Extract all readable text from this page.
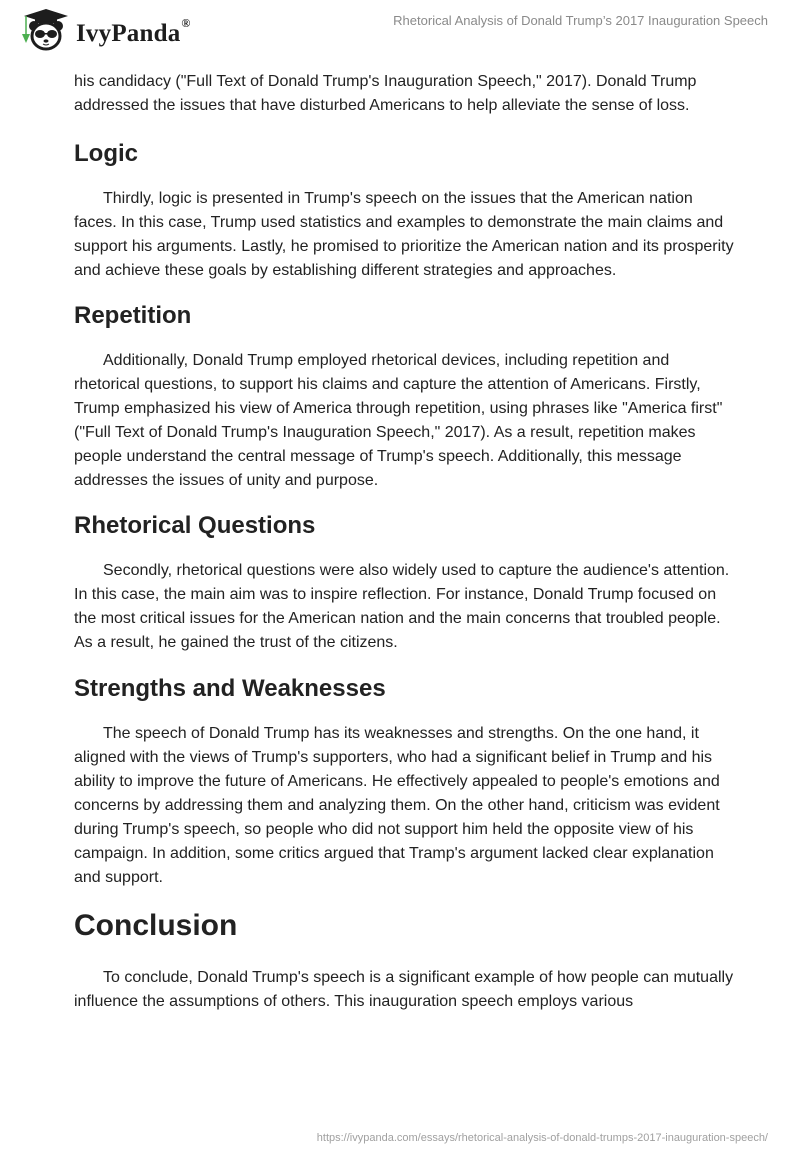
IvyPanda®	Rhetorical Analysis of Donald Trump’s 2017 Inauguration Speech

his candidacy ("Full Text of Donald Trump's Inauguration Speech," 2017). Donald Trump addressed the issues that have disturbed Americans to help alleviate the sense of loss.

Logic

Thirdly, logic is presented in Trump's speech on the issues that the American nation faces. In this case, Trump used statistics and examples to demonstrate the main claims and support his arguments. Lastly, he promised to prioritize the American nation and its prosperity and achieve these goals by establishing different strategies and approaches.

Repetition

Additionally, Donald Trump employed rhetorical devices, including repetition and rhetorical questions, to support his claims and capture the attention of Americans. Firstly, Trump emphasized his view of America through repetition, using phrases like "America first" ("Full Text of Donald Trump's Inauguration Speech," 2017). As a result, repetition makes people understand the central message of Trump's speech. Additionally, this message addresses the issues of unity and purpose.

Rhetorical Questions

Secondly, rhetorical questions were also widely used to capture the audience's attention. In this case, the main aim was to inspire reflection. For instance, Donald Trump focused on the most critical issues for the American nation and the main concerns that troubled people. As a result, he gained the trust of the citizens.

Strengths and Weaknesses

The speech of Donald Trump has its weaknesses and strengths. On the one hand, it aligned with the views of Trump's supporters, who had a significant belief in Trump and his ability to improve the future of Americans. He effectively appealed to people's emotions and concerns by addressing them and analyzing them. On the other hand, criticism was evident during Trump's speech, so people who did not support him held the opposite view of his campaign. In addition, some critics argued that Tramp's argument lacked clear explanation and support.

Conclusion

To conclude, Donald Trump's speech is a significant example of how people can mutually influence the assumptions of others. This inauguration speech employs various

https://ivypanda.com/essays/rhetorical-analysis-of-donald-trumps-2017-inauguration-speech/
